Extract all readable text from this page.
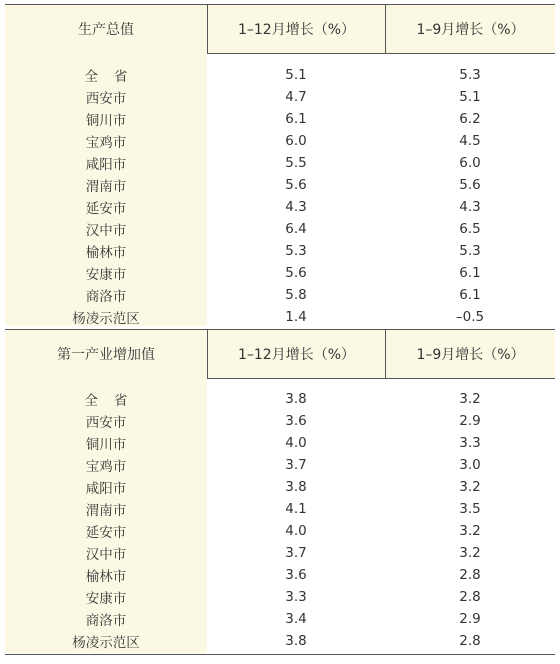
生产总值	1–12月增长（%）	1–9月增长（%）
全省	5.1	5.3
西安市	4.7	5.1
铜川市	6.1	6.2
宝鸡市	6.0	4.5
咸阳市	5.5	6.0
渭南市	5.6	5.6
延安市	4.3	4.3
汉中市	6.4	6.5
榆林市	5.3	5.3
安康市	5.6	6.1
商洛市	5.8	6.1
杨凌示范区	1.4	–0.5
第一产业增加值	1–12月增长（%）	1–9月增长（%）
全省	3.8	3.2
西安市	3.6	2.9
铜川市	4.0	3.3
宝鸡市	3.7	3.0
咸阳市	3.8	3.2
渭南市	4.1	3.5
延安市	4.0	3.2
汉中市	3.7	3.2
榆林市	3.6	2.8
安康市	3.3	2.8
商洛市	3.4	2.9
杨凌示范区	3.8	2.8
